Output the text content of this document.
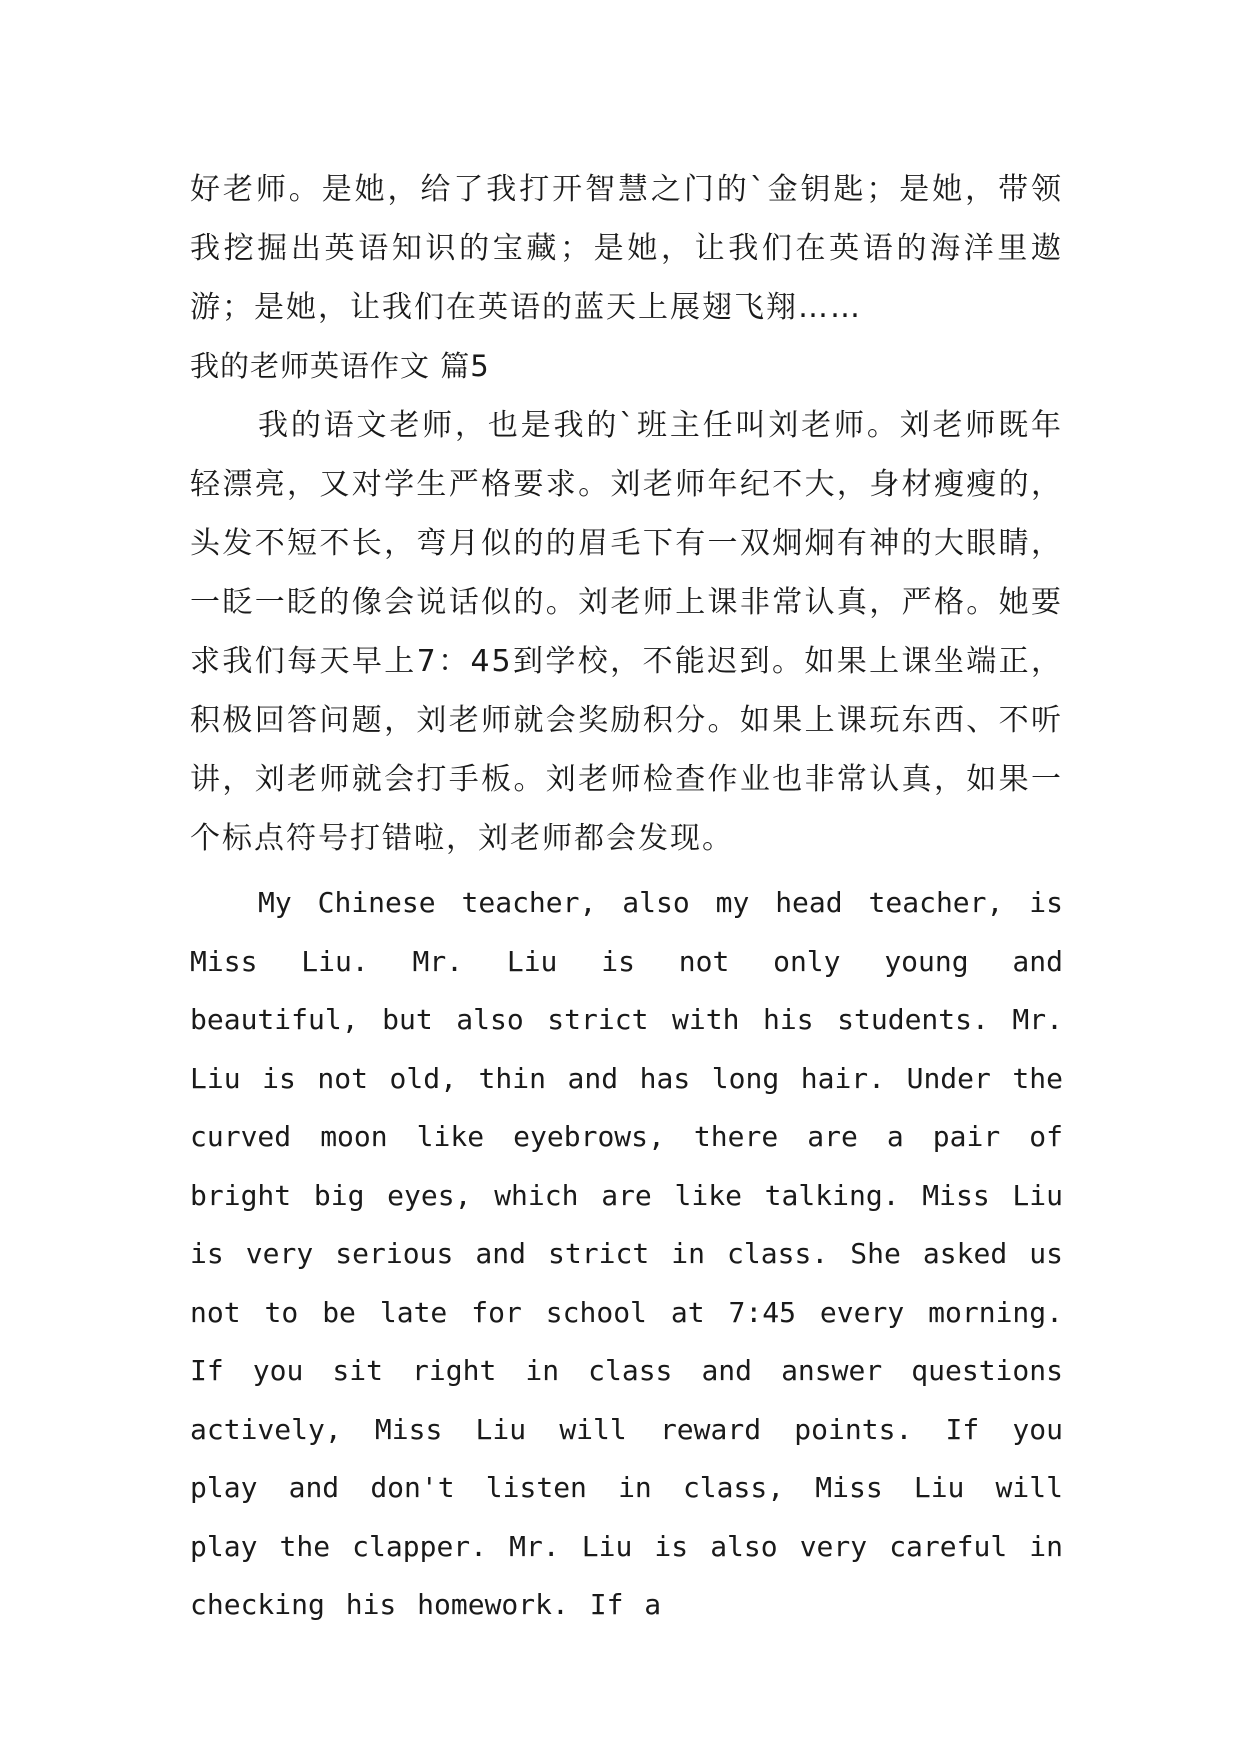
好老师。是她，给了我打开智慧之门的`金钥匙；是她，带领我挖掘出英语知识的宝藏；是她，让我们在英语的海洋里遨游；是她，让我们在英语的蓝天上展翅飞翔……

我的老师英语作文 篇5

我的语文老师，也是我的`班主任叫刘老师。刘老师既年轻漂亮，又对学生严格要求。刘老师年纪不大，身材瘦瘦的，头发不短不长，弯月似的的眉毛下有一双炯炯有神的大眼睛，一眨一眨的像会说话似的。刘老师上课非常认真，严格。她要求我们每天早上7：45到学校，不能迟到。如果上课坐端正，积极回答问题，刘老师就会奖励积分。如果上课玩东西、不听讲，刘老师就会打手板。刘老师检查作业也非常认真，如果一个标点符号打错啦，刘老师都会发现。

My Chinese teacher, also my head teacher, is Miss Liu. Mr. Liu is not only young and beautiful, but also strict with his students. Mr. Liu is not old, thin and has long hair. Under the curved moon like eyebrows, there are a pair of bright big eyes, which are like talking. Miss Liu is very serious and strict in class. She asked us not to be late for school at 7:45 every morning. If you sit right in class and answer questions actively, Miss Liu will reward points. If you play and don't listen in class, Miss Liu will play the clapper. Mr. Liu is also very careful in checking his homework. If a
